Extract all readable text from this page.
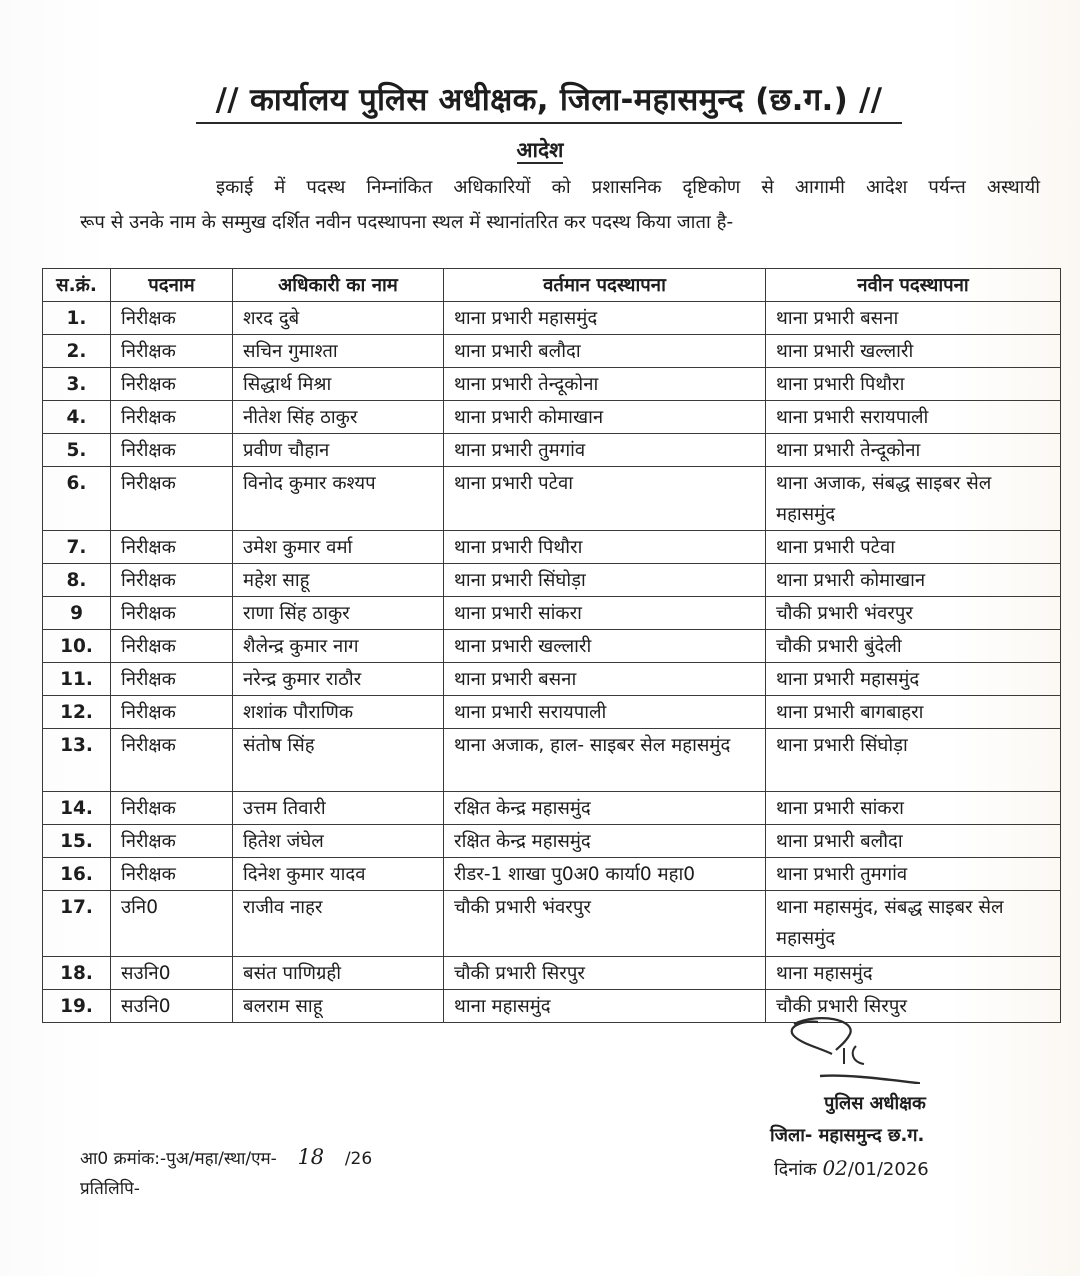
// कार्यालय पुलिस अधीक्षक, जिला-महासमुन्द (छ.ग.) //
आदेश
इकाई में पदस्थ निम्नांकित अधिकारियों को प्रशासनिक दृष्टिकोण से आगामी आदेश पर्यन्त अस्थायी
रूप से उनके नाम के सम्मुख दर्शित नवीन पदस्थापना स्थल में स्थानांतरित कर पदस्थ किया जाता है-
स.क्रं.	पदनाम	अधिकारी का नाम	वर्तमान पदस्थापना	नवीन पदस्थापना
1.	निरीक्षक	शरद दुबे	थाना प्रभारी महासमुंद	थाना प्रभारी बसना
2.	निरीक्षक	सचिन गुमाश्ता	थाना प्रभारी बलौदा	थाना प्रभारी खल्लारी
3.	निरीक्षक	सिद्धार्थ मिश्रा	थाना प्रभारी तेन्दूकोना	थाना प्रभारी पिथौरा
4.	निरीक्षक	नीतेश सिंह ठाकुर	थाना प्रभारी कोमाखान	थाना प्रभारी सरायपाली
5.	निरीक्षक	प्रवीण चौहान	थाना प्रभारी तुमगांव	थाना प्रभारी तेन्दूकोना
6.	निरीक्षक	विनोद कुमार कश्यप	थाना प्रभारी पटेवा	थाना अजाक, संबद्ध साइबर सेल महासमुंद
7.	निरीक्षक	उमेश कुमार वर्मा	थाना प्रभारी पिथौरा	थाना प्रभारी पटेवा
8.	निरीक्षक	महेश साहू	थाना प्रभारी सिंघोड़ा	थाना प्रभारी कोमाखान
9	निरीक्षक	राणा सिंह ठाकुर	थाना प्रभारी सांकरा	चौकी प्रभारी भंवरपुर
10.	निरीक्षक	शैलेन्द्र कुमार नाग	थाना प्रभारी खल्लारी	चौकी प्रभारी बुंदेली
11.	निरीक्षक	नरेन्द्र कुमार राठौर	थाना प्रभारी बसना	थाना प्रभारी महासमुंद
12.	निरीक्षक	शशांक पौराणिक	थाना प्रभारी सरायपाली	थाना प्रभारी बागबाहरा
13.	निरीक्षक	संतोष सिंह	थाना अजाक, हाल- साइबर सेल महासमुंद	थाना प्रभारी सिंघोड़ा
14.	निरीक्षक	उत्तम तिवारी	रक्षित केन्द्र महासमुंद	थाना प्रभारी सांकरा
15.	निरीक्षक	हितेश जंघेल	रक्षित केन्द्र महासमुंद	थाना प्रभारी बलौदा
16.	निरीक्षक	दिनेश कुमार यादव	रीडर-1 शाखा पु0अ0 कार्या0 महा0	थाना प्रभारी तुमगांव
17.	उनि0	राजीव नाहर	चौकी प्रभारी भंवरपुर	थाना महासमुंद, संबद्ध साइबर सेल महासमुंद
18.	सउनि0	बसंत पाणिग्रही	चौकी प्रभारी सिरपुर	थाना महासमुंद
19.	सउनि0	बलराम साहू	थाना महासमुंद	चौकी प्रभारी सिरपुर
पुलिस अधीक्षक
जिला- महासमुन्द छ.ग.
दिनांक 02/01/2026
आ0 क्रमांक:-पुअ/महा/स्था/एम- 18 /26
प्रतिलिपि-
